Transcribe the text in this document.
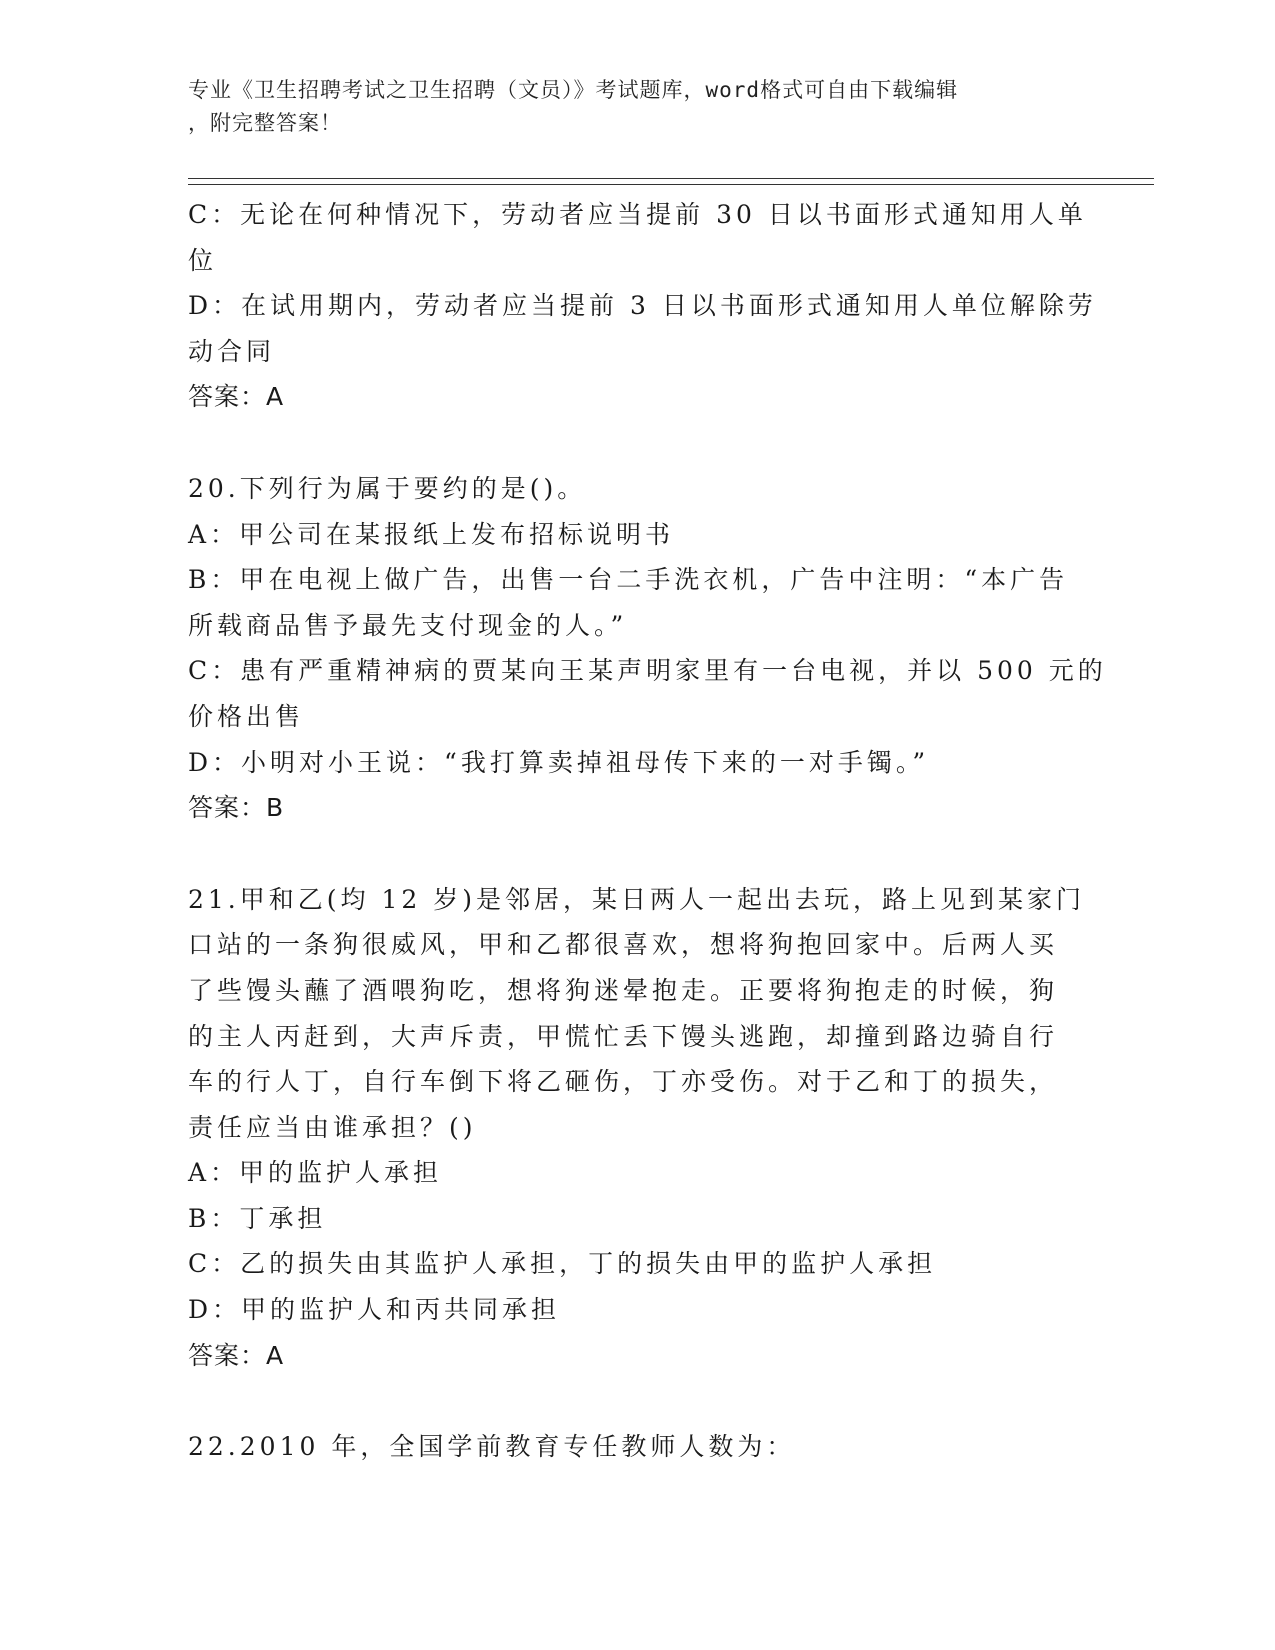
专业《卫生招聘考试之卫生招聘（文员）》考试题库，word格式可自由下载编辑
，附完整答案！
C：无论在何种情况下，劳动者应当提前 30 日以书面形式通知用人单
位
D：在试用期内，劳动者应当提前 3 日以书面形式通知用人单位解除劳
动合同
答案：A
20.下列行为属于要约的是()。
A：甲公司在某报纸上发布招标说明书
B：甲在电视上做广告，出售一台二手洗衣机，广告中注明：“本广告
所载商品售予最先支付现金的人。”
C：患有严重精神病的贾某向王某声明家里有一台电视，并以 500 元的
价格出售
D：小明对小王说：“我打算卖掉祖母传下来的一对手镯。”
答案：B
21.甲和乙(均 12 岁)是邻居，某日两人一起出去玩，路上见到某家门
口站的一条狗很威风，甲和乙都很喜欢，想将狗抱回家中。后两人买
了些馒头蘸了酒喂狗吃，想将狗迷晕抱走。正要将狗抱走的时候，狗
的主人丙赶到，大声斥责，甲慌忙丢下馒头逃跑，却撞到路边骑自行
车的行人丁，自行车倒下将乙砸伤，丁亦受伤。对于乙和丁的损失，
责任应当由谁承担？()
A：甲的监护人承担
B：丁承担
C：乙的损失由其监护人承担，丁的损失由甲的监护人承担
D：甲的监护人和丙共同承担
答案：A
22.2010 年，全国学前教育专任教师人数为：
